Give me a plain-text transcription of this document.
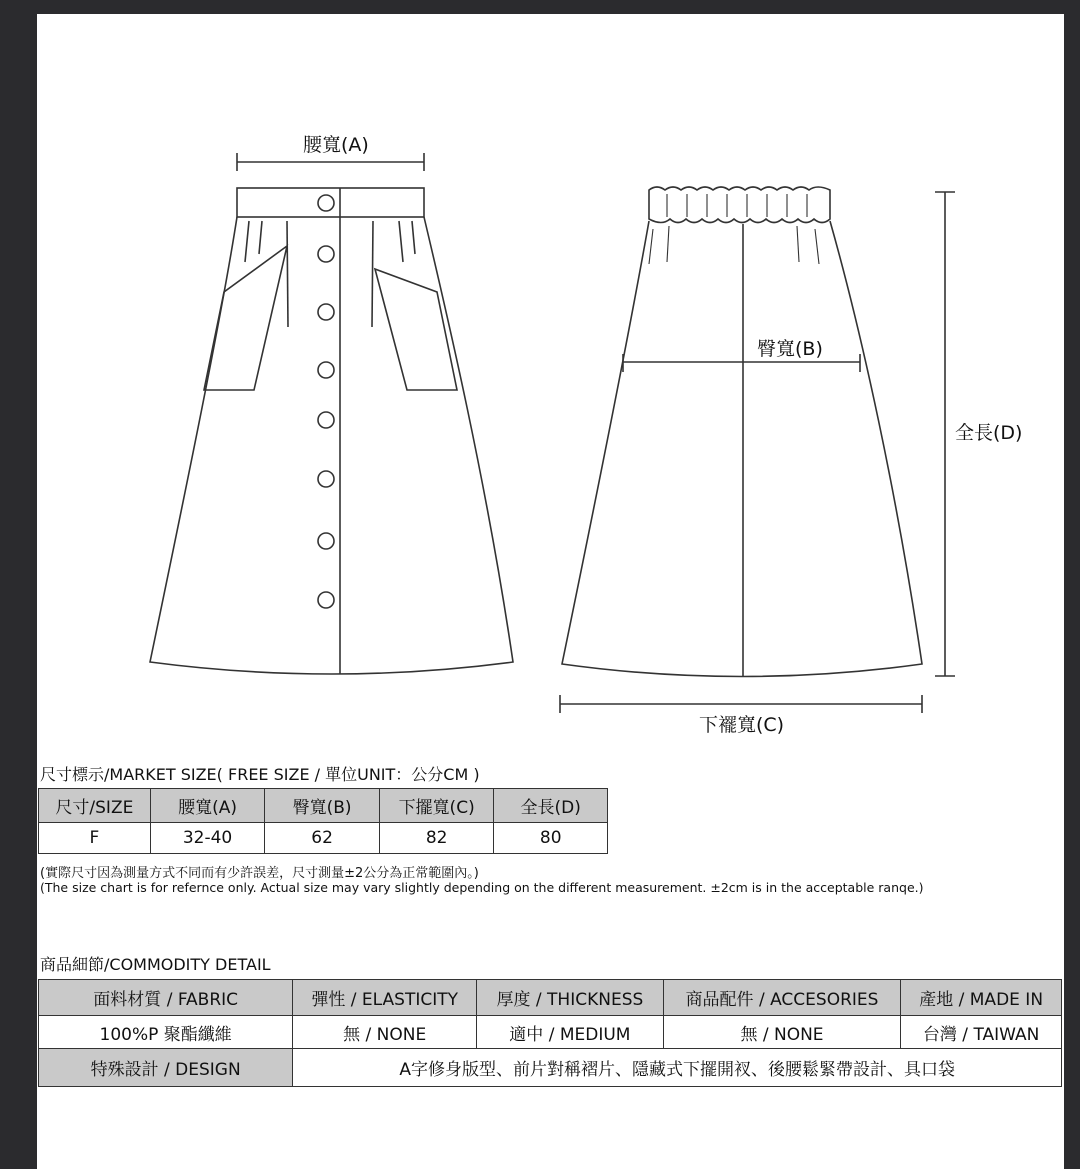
腰寬(A)
臀寬(B)
全長(D)
下襬寬(C)
尺寸標示/MARKET SIZE( FREE SIZE / 單位UNIT：公分CM )
尺寸/SIZE	腰寬(A)	臀寬(B)	下擺寬(C)	全長(D)
F	32-40	62	82	80
(實際尺寸因為測量方式不同而有少許誤差，尺寸測量±2公分為正常範圍內。)
(The size chart is for refernce only. Actual size may vary slightly depending on the different measurement. ±2cm is in the acceptable ranqe.)
商品細節/COMMODITY DETAIL
面料材質 / FABRIC	彈性 / ELASTICITY	厚度 / THICKNESS	商品配件 / ACCESORIES	產地 / MADE IN
100%P 聚酯纖維	無 / NONE	適中 / MEDIUM	無 / NONE	台灣 / TAIWAN
特殊設計 / DESIGN	A字修身版型、前片對稱褶片、隱藏式下擺開衩、後腰鬆緊帶設計、具口袋			
